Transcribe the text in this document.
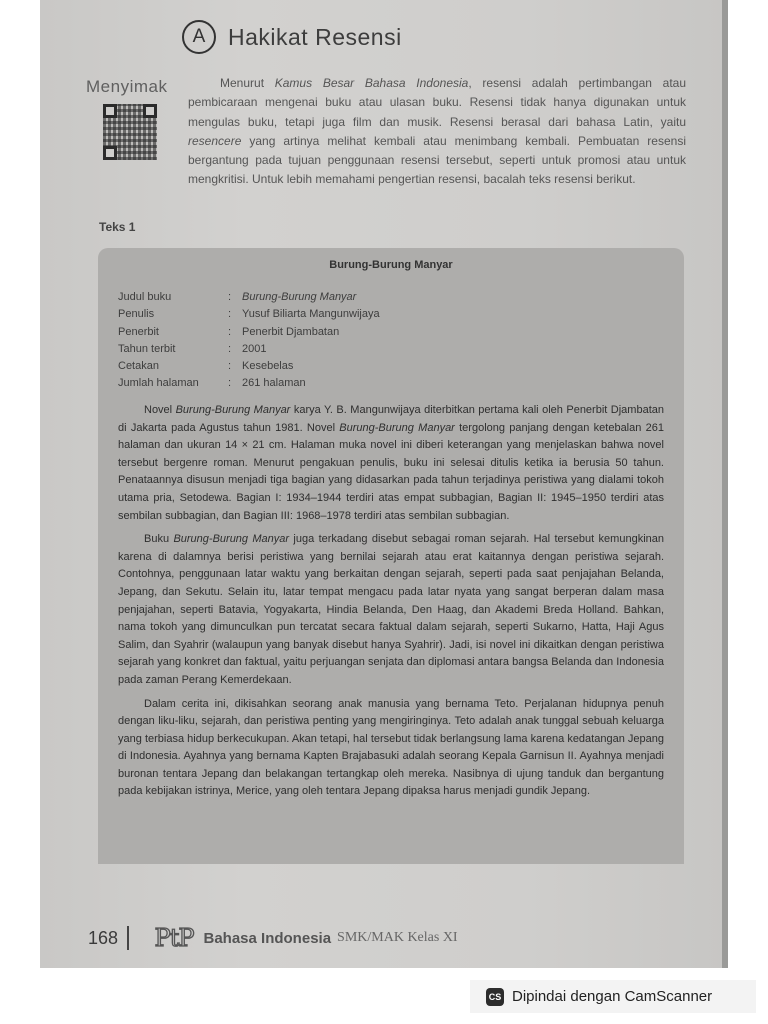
A Hakikat Resensi
Menyimak	Menurut Kamus Besar Bahasa Indonesia, resensi adalah pertimbangan atau pembicaraan mengenai buku atau ulasan buku. Resensi tidak hanya digunakan untuk mengulas buku, tetapi juga film dan musik. Resensi berasal dari bahasa Latin, yaitu resencere yang artinya melihat kembali atau menimbang kembali. Pembuatan resensi bergantung pada tujuan penggunaan resensi tersebut, seperti untuk promosi atau untuk mengkritisi. Untuk lebih memahami pengertian resensi, bacalah teks resensi berikut.

Teks 1
Burung-Burung Manyar
Judul buku	: Burung-Burung Manyar
Penulis	: Yusuf Biliarta Mangunwijaya
Penerbit	: Penerbit Djambatan
Tahun terbit	: 2001
Cetakan	: Kesebelas
Jumlah halaman	: 261 halaman

Novel Burung-Burung Manyar karya Y. B. Mangunwijaya diterbitkan pertama kali oleh Penerbit Djambatan di Jakarta pada Agustus tahun 1981. Novel Burung-Burung Manyar tergolong panjang dengan ketebalan 261 halaman dan ukuran 14 × 21 cm. Halaman muka novel ini diberi keterangan yang menjelaskan bahwa novel tersebut bergenre roman. Menurut pengakuan penulis, buku ini selesai ditulis ketika ia berusia 50 tahun. Penataannya disusun menjadi tiga bagian yang didasarkan pada tahun terjadinya peristiwa yang dialami tokoh utama pria, Setodewa. Bagian I: 1934–1944 terdiri atas empat subbagian, Bagian II: 1945–1950 terdiri atas sembilan subbagian, dan Bagian III: 1968–1978 terdiri atas sembilan subbagian.

Buku Burung-Burung Manyar juga terkadang disebut sebagai roman sejarah. Hal tersebut kemungkinan karena di dalamnya berisi peristiwa yang bernilai sejarah atau erat kaitannya dengan peristiwa sejarah. Contohnya, penggunaan latar waktu yang berkaitan dengan sejarah, seperti pada saat penjajahan Belanda, Jepang, dan Sekutu. Selain itu, latar tempat mengacu pada latar nyata yang sangat berperan dalam masa penjajahan, seperti Batavia, Yogyakarta, Hindia Belanda, Den Haag, dan Akademi Breda Holland. Bahkan, nama tokoh yang dimunculkan pun tercatat secara faktual dalam sejarah, seperti Sukarno, Hatta, Haji Agus Salim, dan Syahrir (walaupun yang banyak disebut hanya Syahrir). Jadi, isi novel ini dikaitkan dengan peristiwa sejarah yang konkret dan faktual, yaitu perjuangan senjata dan diplomasi antara bangsa Belanda dan Indonesia pada zaman Perang Kemerdekaan.

Dalam cerita ini, dikisahkan seorang anak manusia yang bernama Teto. Perjalanan hidupnya penuh dengan liku-liku, sejarah, dan peristiwa penting yang mengiringinya. Teto adalah anak tunggal sebuah keluarga yang terbiasa hidup berkecukupan. Akan tetapi, hal tersebut tidak berlangsung lama karena kedatangan Jepang di Indonesia. Ayahnya yang bernama Kapten Brajabasuki adalah seorang Kepala Garnisun II. Ayahnya menjadi buronan tentara Jepang dan belakangan tertangkap oleh mereka. Nasibnya di ujung tanduk dan bergantung pada kebijakan istrinya, Merice, yang oleh tentara Jepang dipaksa harus menjadi gundik Jepang.

168 PtP Bahasa Indonesia SMK/MAK Kelas XI
CS Dipindai dengan CamScanner
